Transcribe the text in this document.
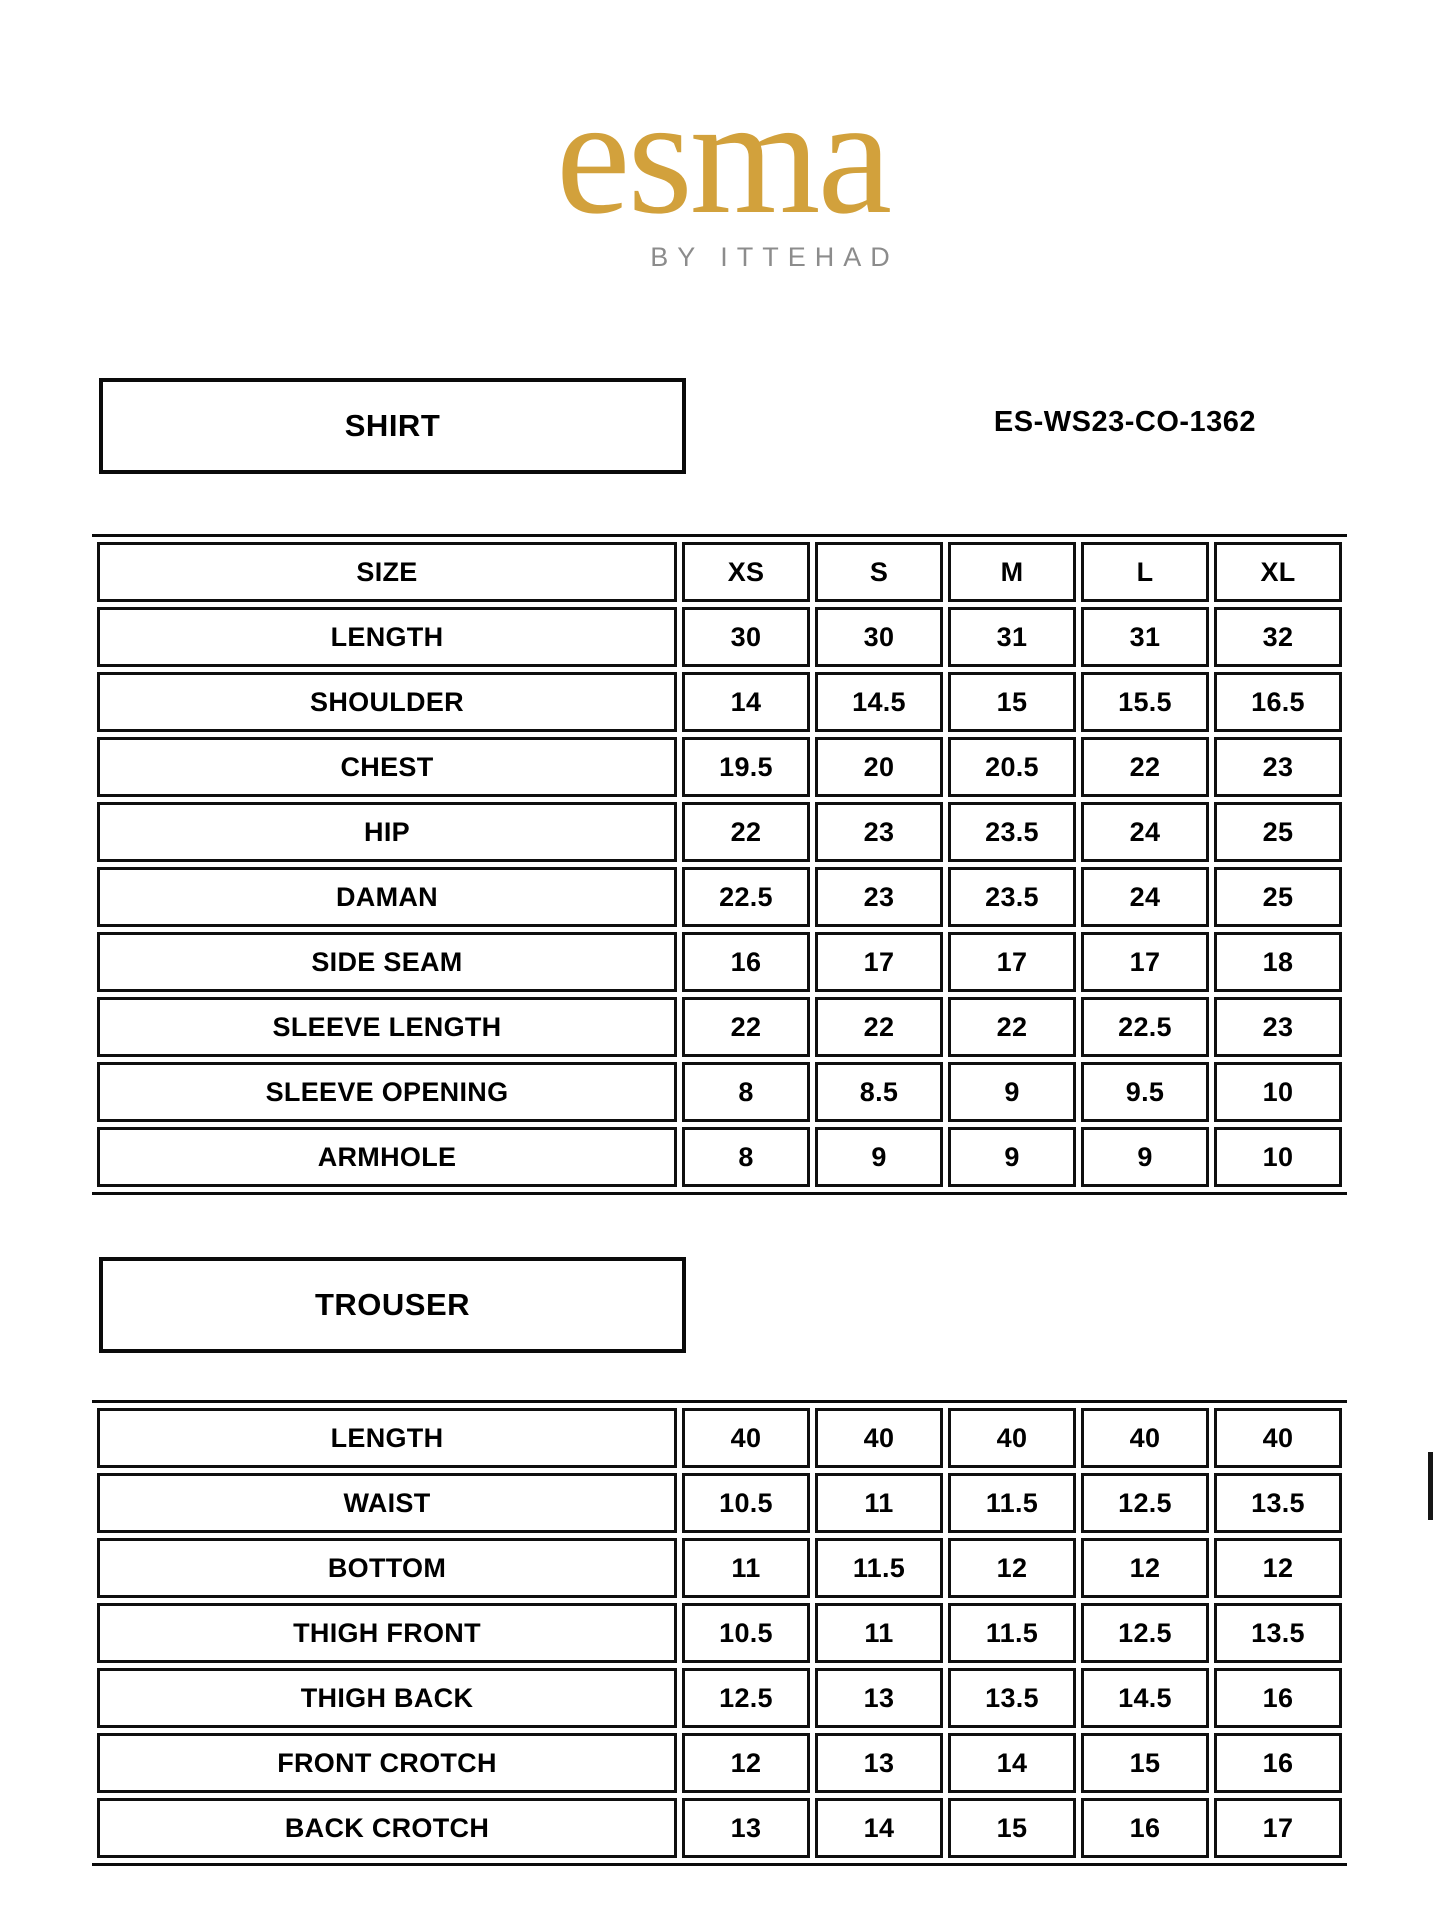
esma
BY ITTEHAD
SHIRT	ES-WS23-CO-1362
SIZE	XS	S	M	L	XL
LENGTH	30	30	31	31	32
SHOULDER	14	14.5	15	15.5	16.5
CHEST	19.5	20	20.5	22	23
HIP	22	23	23.5	24	25
DAMAN	22.5	23	23.5	24	25
SIDE SEAM	16	17	17	17	18
SLEEVE LENGTH	22	22	22	22.5	23
SLEEVE OPENING	8	8.5	9	9.5	10
ARMHOLE	8	9	9	9	10
TROUSER
LENGTH	40	40	40	40	40
WAIST	10.5	11	11.5	12.5	13.5
BOTTOM	11	11.5	12	12	12
THIGH FRONT	10.5	11	11.5	12.5	13.5
THIGH BACK	12.5	13	13.5	14.5	16
FRONT CROTCH	12	13	14	15	16
BACK CROTCH	13	14	15	16	17
